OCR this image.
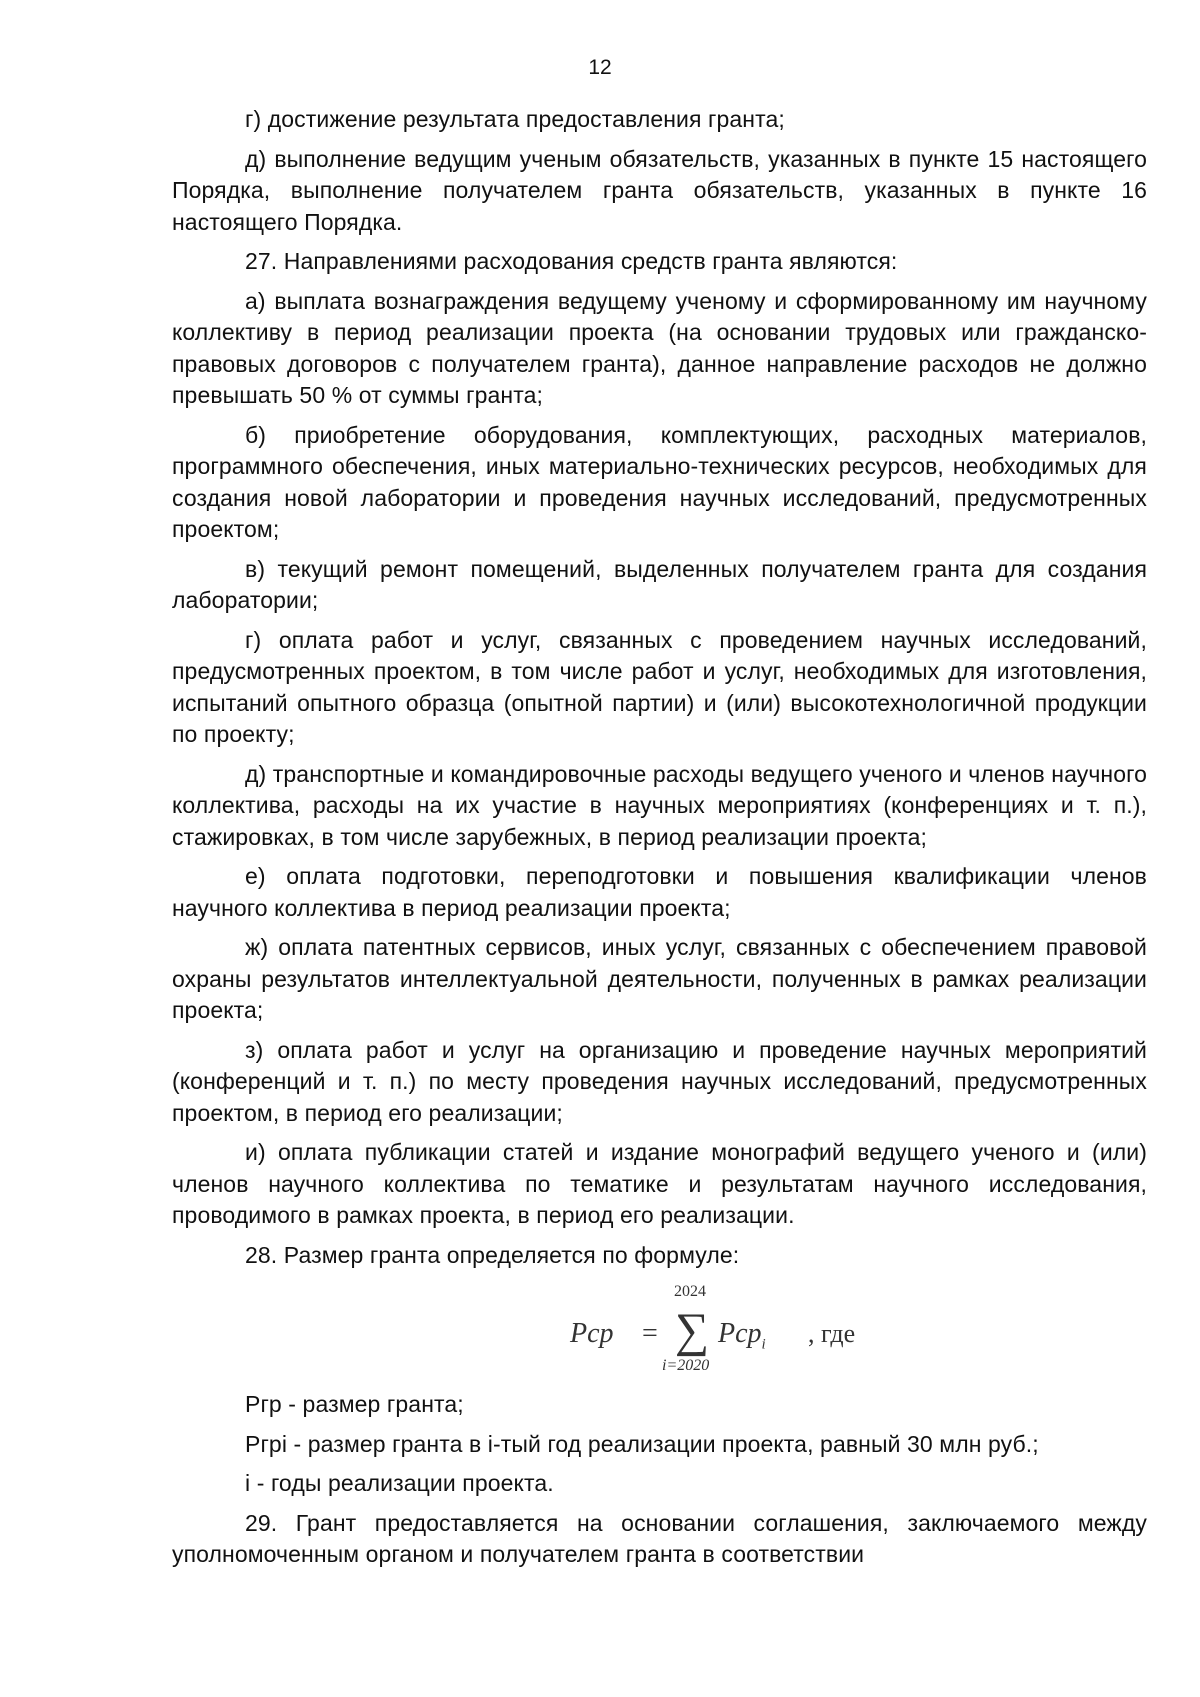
12

г) достижение результата предоставления гранта;

д) выполнение ведущим ученым обязательств, указанных в пункте 15 настоящего Порядка, выполнение получателем гранта обязательств, указанных в пункте 16 настоящего Порядка.

27. Направлениями расходования средств гранта являются:

а) выплата вознаграждения ведущему ученому и сформированному им научному коллективу в период реализации проекта (на основании трудовых или гражданско-правовых договоров с получателем гранта), данное направление расходов не должно превышать 50 % от суммы гранта;

б) приобретение оборудования, комплектующих, расходных материалов, программного обеспечения, иных материально-технических ресурсов, необходимых для создания новой лаборатории и проведения научных исследований, предусмотренных проектом;

в) текущий ремонт помещений, выделенных получателем гранта для создания лаборатории;

г) оплата работ и услуг, связанных с проведением научных исследований, предусмотренных проектом, в том числе работ и услуг, необходимых для изготовления, испытаний опытного образца (опытной партии) и (или) высокотехнологичной продукции по проекту;

д) транспортные и командировочные расходы ведущего ученого и членов научного коллектива, расходы на их участие в научных мероприятиях (конференциях и т. п.), стажировках, в том числе зарубежных, в период реализации проекта;

е) оплата подготовки, переподготовки и повышения квалификации членов научного коллектива в период реализации проекта;

ж) оплата патентных сервисов, иных услуг, связанных с обеспечением правовой охраны результатов интеллектуальной деятельности, полученных в рамках реализации проекта;

з) оплата работ и услуг на организацию и проведение научных мероприятий (конференций и т. п.) по месту проведения научных исследований, предусмотренных проектом, в период его реализации;

и) оплата публикации статей и издание монографий ведущего ученого и (или) членов научного коллектива по тематике и результатам научного исследования, проводимого в рамках проекта, в период его реализации.

28. Размер гранта определяется по формуле:

Рср =
2024
∑
i=2020
Рср$_i$ , где

Ргр - размер гранта;

Ргрi - размер гранта в i-тый год реализации проекта, равный 30 млн руб.;

i - годы реализации проекта.

29. Грант предоставляется на основании соглашения, заключаемого между уполномоченным органом и получателем гранта в соответствии
